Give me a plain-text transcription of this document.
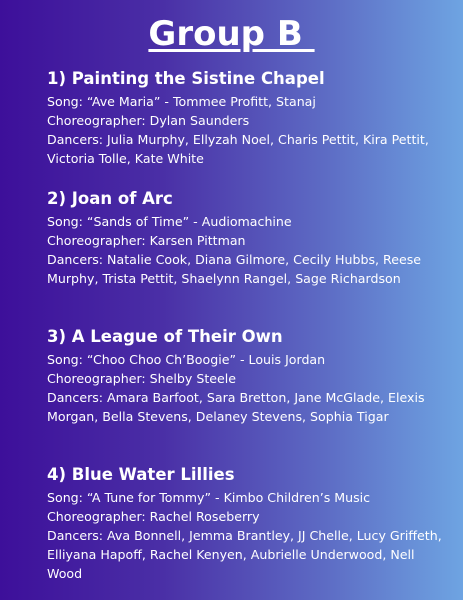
Group B
1) Painting the Sistine Chapel
Song: “Ave Maria” - Tommee Profitt, Stanaj
Choreographer: Dylan Saunders
Dancers: Julia Murphy, Ellyzah Noel, Charis Pettit, Kira Pettit, Victoria Tolle, Kate White
2) Joan of Arc
Song: “Sands of Time” - Audiomachine
Choreographer: Karsen Pittman
Dancers: Natalie Cook, Diana Gilmore, Cecily Hubbs, Reese Murphy, Trista Pettit, Shaelynn Rangel, Sage Richardson
3) A League of Their Own
Song: “Choo Choo Ch’Boogie” - Louis Jordan
Choreographer: Shelby Steele
Dancers: Amara Barfoot, Sara Bretton, Jane McGlade, Elexis Morgan, Bella Stevens, Delaney Stevens, Sophia Tigar
4) Blue Water Lillies
Song: “A Tune for Tommy” - Kimbo Children’s Music
Choreographer: Rachel Roseberry
Dancers: Ava Bonnell, Jemma Brantley, JJ Chelle, Lucy Griffeth, Elliyana Hapoff, Rachel Kenyen, Aubrielle Underwood, Nell Wood
